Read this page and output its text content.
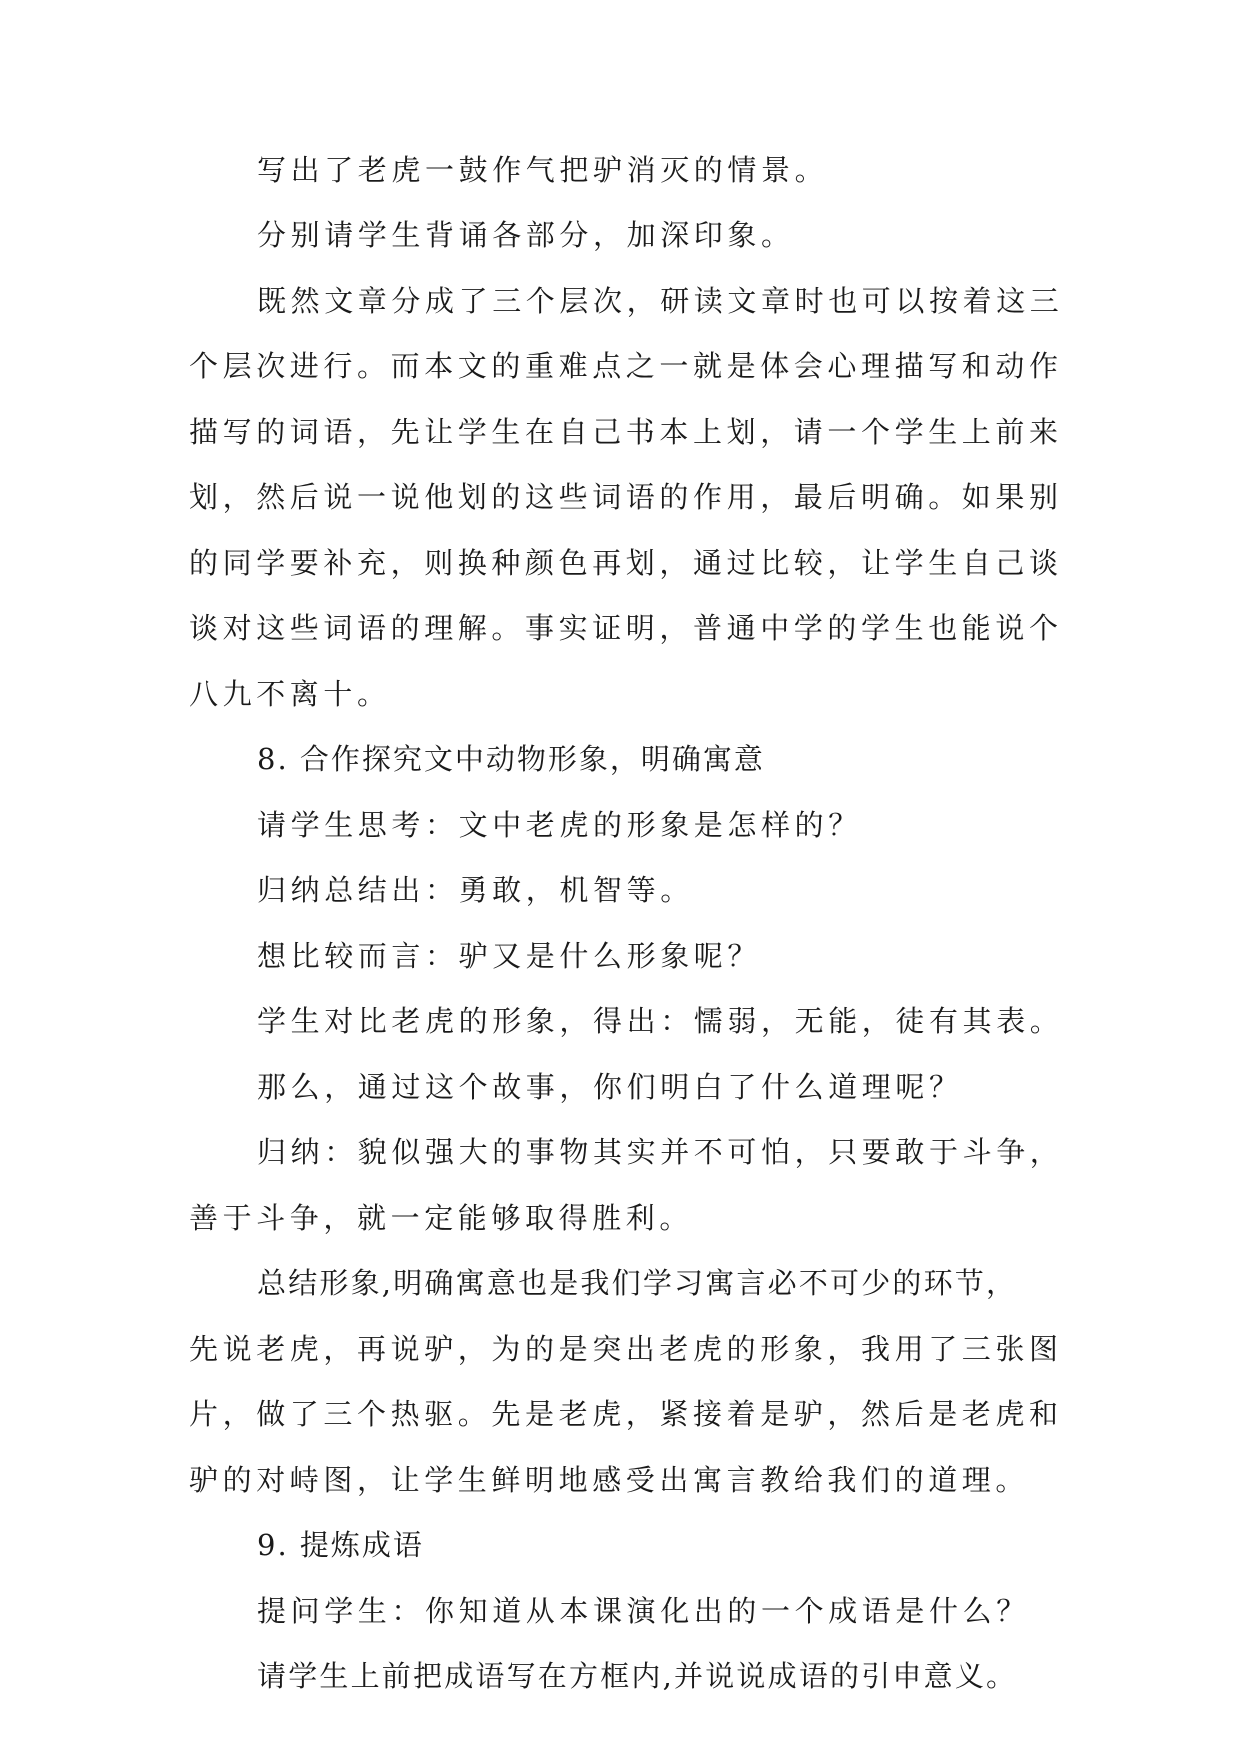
写出了老虎一鼓作气把驴消灭的情景。

分别请学生背诵各部分，加深印象。

既然文章分成了三个层次，研读文章时也可以按着这三

个层次进行。而本文的重难点之一就是体会心理描写和动作

描写的词语，先让学生在自己书本上划，请一个学生上前来

划，然后说一说他划的这些词语的作用，最后明确。如果别

的同学要补充，则换种颜色再划，通过比较，让学生自己谈

谈对这些词语的理解。事实证明，普通中学的学生也能说个

八九不离十。

8. 合作探究文中动物形象，明确寓意

请学生思考：文中老虎的形象是怎样的？

归纳总结出：勇敢，机智等。

想比较而言：驴又是什么形象呢？

学生对比老虎的形象，得出：懦弱，无能，徒有其表。

那么，通过这个故事，你们明白了什么道理呢？

归纳：貌似强大的事物其实并不可怕，只要敢于斗争，

善于斗争，就一定能够取得胜利。

总结形象,明确寓意也是我们学习寓言必不可少的环节，

先说老虎，再说驴，为的是突出老虎的形象，我用了三张图

片，做了三个热驱。先是老虎，紧接着是驴，然后是老虎和

驴的对峙图，让学生鲜明地感受出寓言教给我们的道理。

9. 提炼成语

提问学生：你知道从本课演化出的一个成语是什么？

请学生上前把成语写在方框内,并说说成语的引申意义。
